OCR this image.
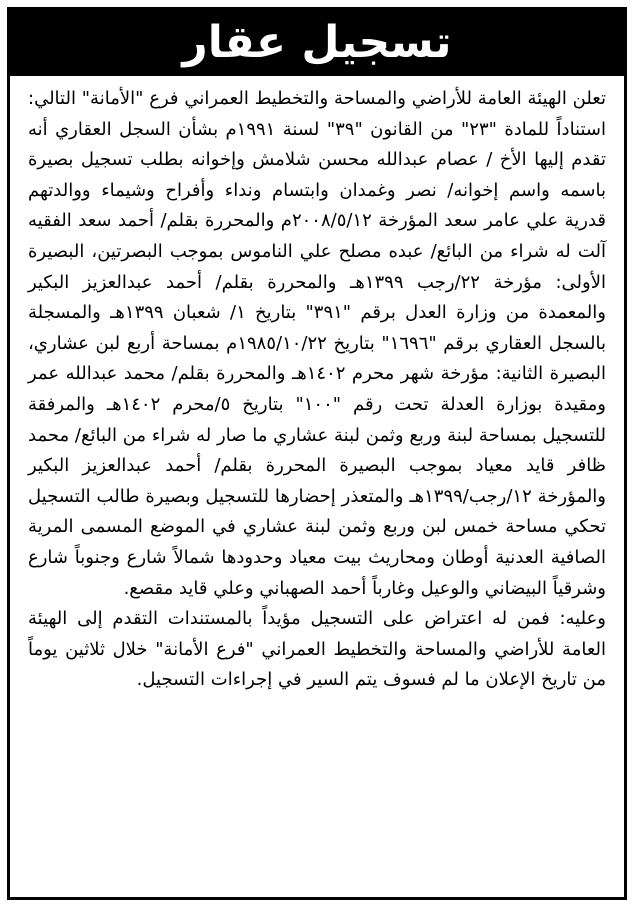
تسجيل عقار

تعلن الهيئة العامة للأراضي والمساحة والتخطيط العمراني فرع "الأمانة" التالي: استناداً للمادة "٢٣" من القانون "٣٩" لسنة ١٩٩١م بشأن السجل العقاري أنه تقدم إليها الأخ / عصام عبدالله محسن شلامش وإخوانه بطلب تسجيل بصيرة باسمه واسم إخوانه/ نصر وغمدان وابتسام ونداء وأفراح وشيماء ووالدتهم قدرية علي عامر سعد المؤرخة ٢٠٠٨/٥/١٢م والمحررة بقلم/ أحمد سعد الفقيه آلت له شراء من البائع/ عبده مصلح علي الناموس بموجب البصرتين، البصيرة الأولى: مؤرخة ٢٢/رجب ١٣٩٩هـ والمحررة بقلم/ أحمد عبدالعزيز البكير والمعمدة من وزارة العدل برقم "٣٩١" بتاريخ ١/ شعبان ١٣٩٩هـ والمسجلة بالسجل العقاري برقم "١٦٩٦" بتاريخ ١٩٨٥/١٠/٢٢م بمساحة أربع لبن عشاري، البصيرة الثانية: مؤرخة شهر محرم ١٤٠٢هـ والمحررة بقلم/ محمد عبدالله عمر ومقيدة بوزارة العدلة تحت رقم "١٠٠" بتاريخ ٥/محرم ١٤٠٢هـ والمرفقة للتسجيل بمساحة لبنة وربع وثمن لبنة عشاري ما صار له شراء من البائع/ محمد ظافر قايد معياد بموجب البصيرة المحررة بقلم/ أحمد عبدالعزيز البكير والمؤرخة ١٢/رجب/١٣٩٩هـ والمتعذر إحضارها للتسجيل وبصيرة طالب التسجيل تحكي مساحة خمس لبن وربع وثمن لبنة عشاري في الموضع المسمى المرية الصافية العدنية أوطان ومحاريث بيت معياد وحدودها شمالاً شارع وجنوباً شارع وشرقياً البيضاني والوعيل وغارباً أحمد الصهباني وعلي قايد مقصع.

وعليه: فمن له اعتراض على التسجيل مؤيداً بالمستندات التقدم إلى الهيئة العامة للأراضي والمساحة والتخطيط العمراني "فرع الأمانة" خلال ثلاثين يوماً من تاريخ الإعلان ما لم فسوف يتم السير في إجراءات التسجيل.
